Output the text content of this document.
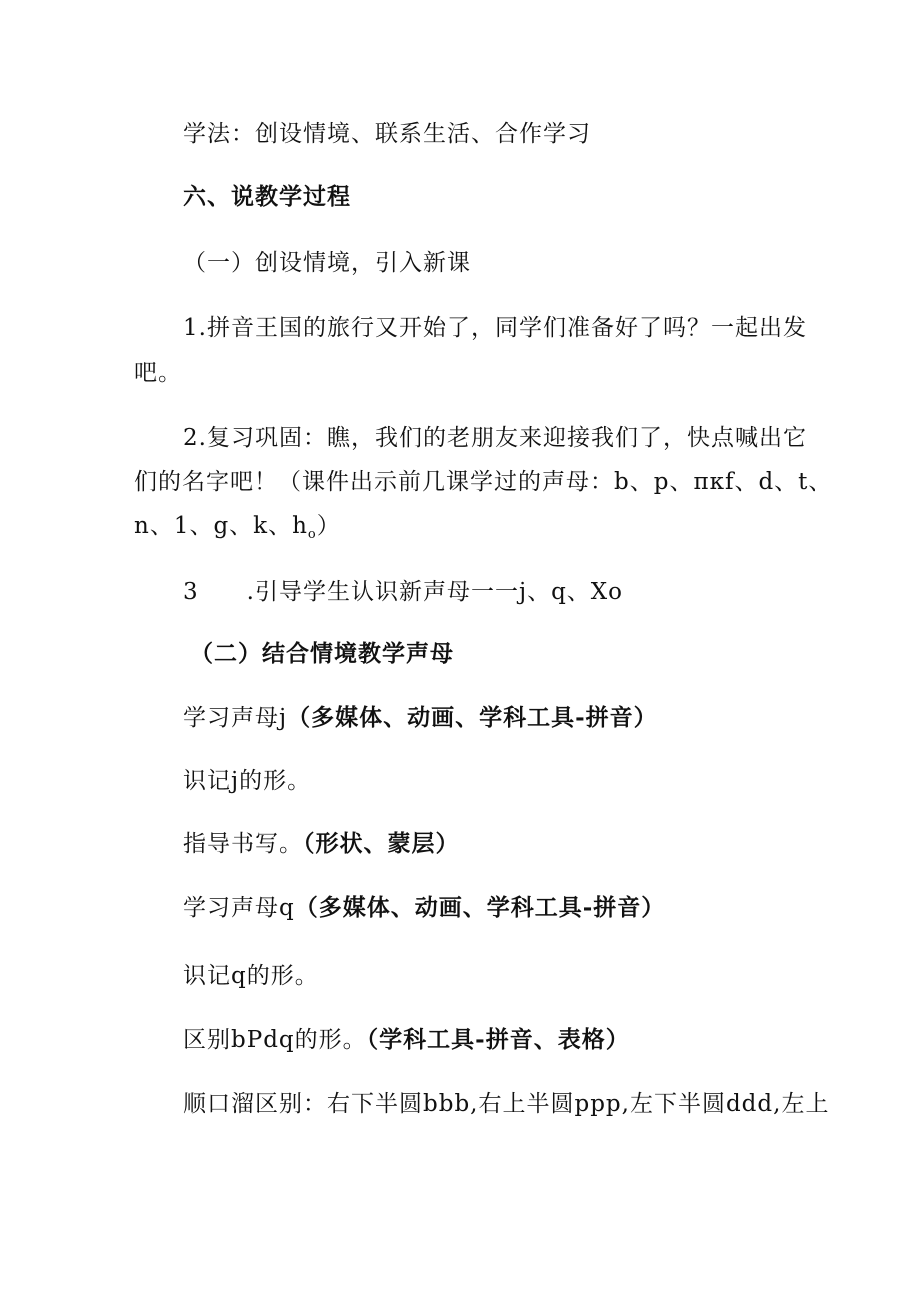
学法：创设情境、联系生活、合作学习
六、说教学过程
（一）创设情境，引入新课
1.拼音王国的旅行又开始了，同学们准备好了吗？一起出发
吧。
2.复习巩固：瞧，我们的老朋友来迎接我们了，快点喊出它
们的名字吧！（课件出示前几课学过的声母：b、p、πκf、d、t、
n、1、g、k、$h_o$）
3 .引导学生认识新声母一一j、q、Xo
（二）结合情境教学声母
学习声母j（多媒体、动画、学科工具-拼音）
识记j的形。
指导书写。（形状、蒙层）
学习声母q（多媒体、动画、学科工具-拼音）
识记q的形。
区别bPdq的形。（学科工具-拼音、表格）
顺口溜区别：右下半圆bbb,右上半圆ppp,左下半圆ddd,左上
